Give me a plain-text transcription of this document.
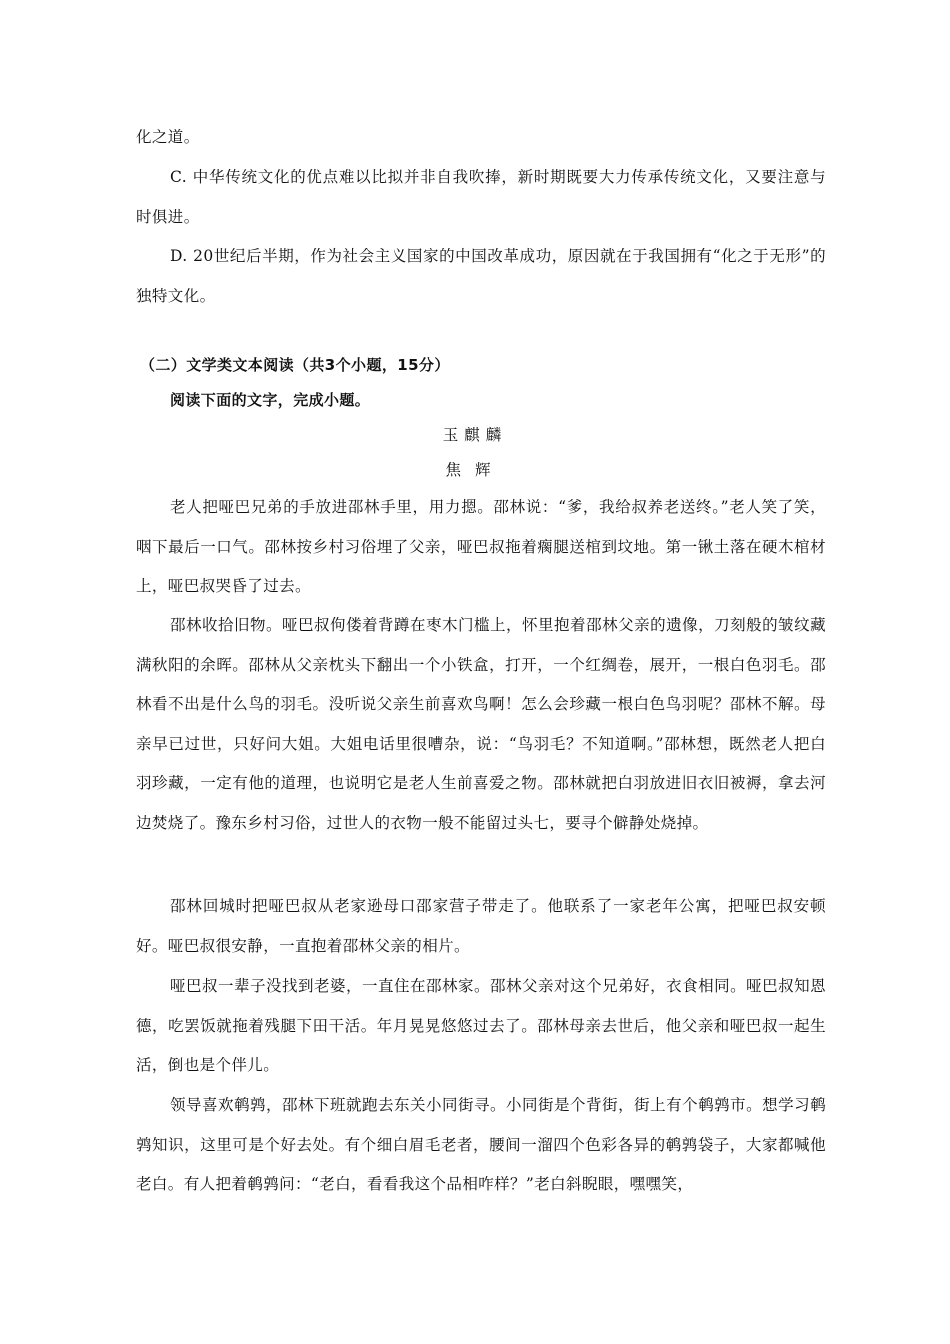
化之道。

C. 中华传统文化的优点难以比拟并非自我吹捧，新时期既要大力传承传统文化，又要注意与时俱进。

D. 20世纪后半期，作为社会主义国家的中国改革成功，原因就在于我国拥有“化之于无形”的独特文化。

（二）文学类文本阅读（共3个小题，15分）

阅读下面的文字，完成小题。

玉麒麟
焦辉

老人把哑巴兄弟的手放进邵林手里，用力摁。邵林说：“爹，我给叔养老送终。”老人笑了笑，咽下最后一口气。邵林按乡村习俗埋了父亲，哑巴叔拖着瘸腿送棺到坟地。第一锹土落在硬木棺材上，哑巴叔哭昏了过去。

邵林收拾旧物。哑巴叔佝偻着背蹲在枣木门槛上，怀里抱着邵林父亲的遗像，刀刻般的皱纹藏满秋阳的余晖。邵林从父亲枕头下翻出一个小铁盒，打开，一个红绸卷，展开，一根白色羽毛。邵林看不出是什么鸟的羽毛。没听说父亲生前喜欢鸟啊！怎么会珍藏一根白色鸟羽呢？邵林不解。母亲早已过世，只好问大姐。大姐电话里很嘈杂，说：“鸟羽毛？不知道啊。”邵林想，既然老人把白羽珍藏，一定有他的道理，也说明它是老人生前喜爱之物。邵林就把白羽放进旧衣旧被褥，拿去河边焚烧了。豫东乡村习俗，过世人的衣物一般不能留过头七，要寻个僻静处烧掉。

邵林回城时把哑巴叔从老家逊母口邵家营子带走了。他联系了一家老年公寓，把哑巴叔安顿好。哑巴叔很安静，一直抱着邵林父亲的相片。

哑巴叔一辈子没找到老婆，一直住在邵林家。邵林父亲对这个兄弟好，衣食相同。哑巴叔知恩德，吃罢饭就拖着残腿下田干活。年月晃晃悠悠过去了。邵林母亲去世后，他父亲和哑巴叔一起生活，倒也是个伴儿。

领导喜欢鹌鹑，邵林下班就跑去东关小同街寻。小同街是个背街，街上有个鹌鹑市。想学习鹌鹑知识，这里可是个好去处。有个细白眉毛老者，腰间一溜四个色彩各异的鹌鹑袋子，大家都喊他老白。有人把着鹌鹑问：“老白，看看我这个品相咋样？”老白斜睨眼，嘿嘿笑，
